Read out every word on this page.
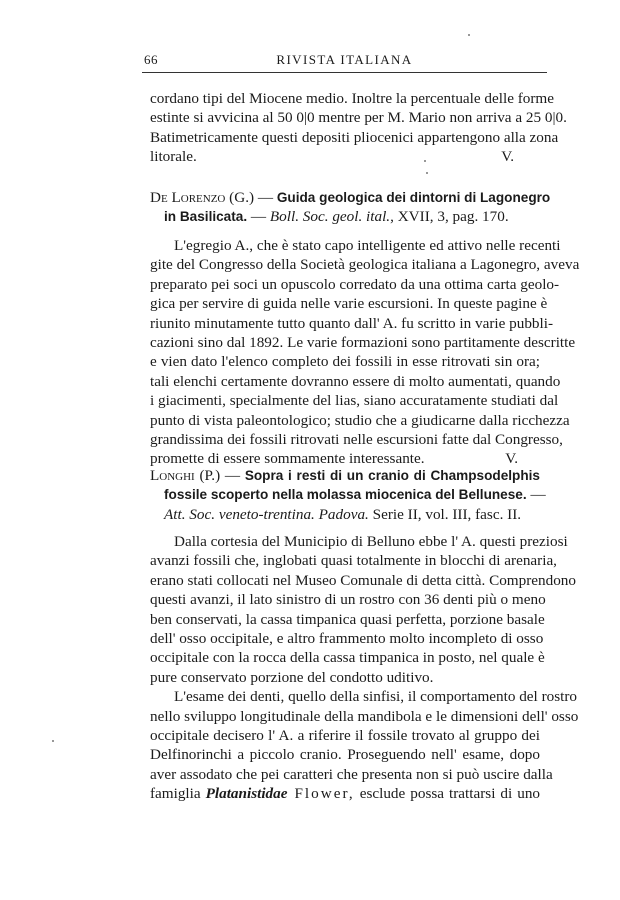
66	RIVISTA ITALIANA
cordano tipi del Miocene medio. Inoltre la percentuale delle forme
estinte si avvicina al 50 0|0 mentre per M. Mario non arriva a 25 0|0.
Batimetricamente questi depositi pliocenici appartengono alla zona
litorale.	V.
De Lorenzo (G.) — Guida geologica dei dintorni di Lagonegro
in Basilicata. — Boll. Soc. geol. ital., XVII, 3, pag. 170.
L'egregio A., che è stato capo intelligente ed attivo nelle recenti
gite del Congresso della Società geologica italiana a Lagonegro, aveva
preparato pei soci un opuscolo corredato da una ottima carta geolo-
gica per servire di guida nelle varie escursioni. In queste pagine è
riunito minutamente tutto quanto dall' A. fu scritto in varie pubbli-
cazioni sino dal 1892. Le varie formazioni sono partitamente descritte
e vien dato l'elenco completo dei fossili in esse ritrovati sin ora;
tali elenchi certamente dovranno essere di molto aumentati, quando
i giacimenti, specialmente del lias, siano accuratamente studiati dal
punto di vista paleontologico; studio che a giudicarne dalla ricchezza
grandissima dei fossili ritrovati nelle escursioni fatte dal Congresso,
promette di essere sommamente interessante.	V.
Longhi (P.) — Sopra i resti di un cranio di Champsodelphis
fossile scoperto nella molassa miocenica del Bellunese. —
Att. Soc. veneto-trentina. Padova. Serie II, vol. III, fasc. II.
Dalla cortesia del Municipio di Belluno ebbe l' A. questi preziosi
avanzi fossili che, inglobati quasi totalmente in blocchi di arenaria,
erano stati collocati nel Museo Comunale di detta città. Comprendono
questi avanzi, il lato sinistro di un rostro con 36 denti più o meno
ben conservati, la cassa timpanica quasi perfetta, porzione basale
dell' osso occipitale, e altro frammento molto incompleto di osso
occipitale con la rocca della cassa timpanica in posto, nel quale è
pure conservato porzione del condotto uditivo.
L'esame dei denti, quello della sinfisi, il comportamento del rostro
nello sviluppo longitudinale della mandibola e le dimensioni dell' osso
occipitale decisero l' A. a riferire il fossile trovato al gruppo dei
Delfinorinchi a piccolo cranio. Proseguendo nell' esame, dopo
aver assodato che pei caratteri che presenta non si può uscire dalla
famiglia Platanistidae Flower, esclude possa trattarsi di uno
